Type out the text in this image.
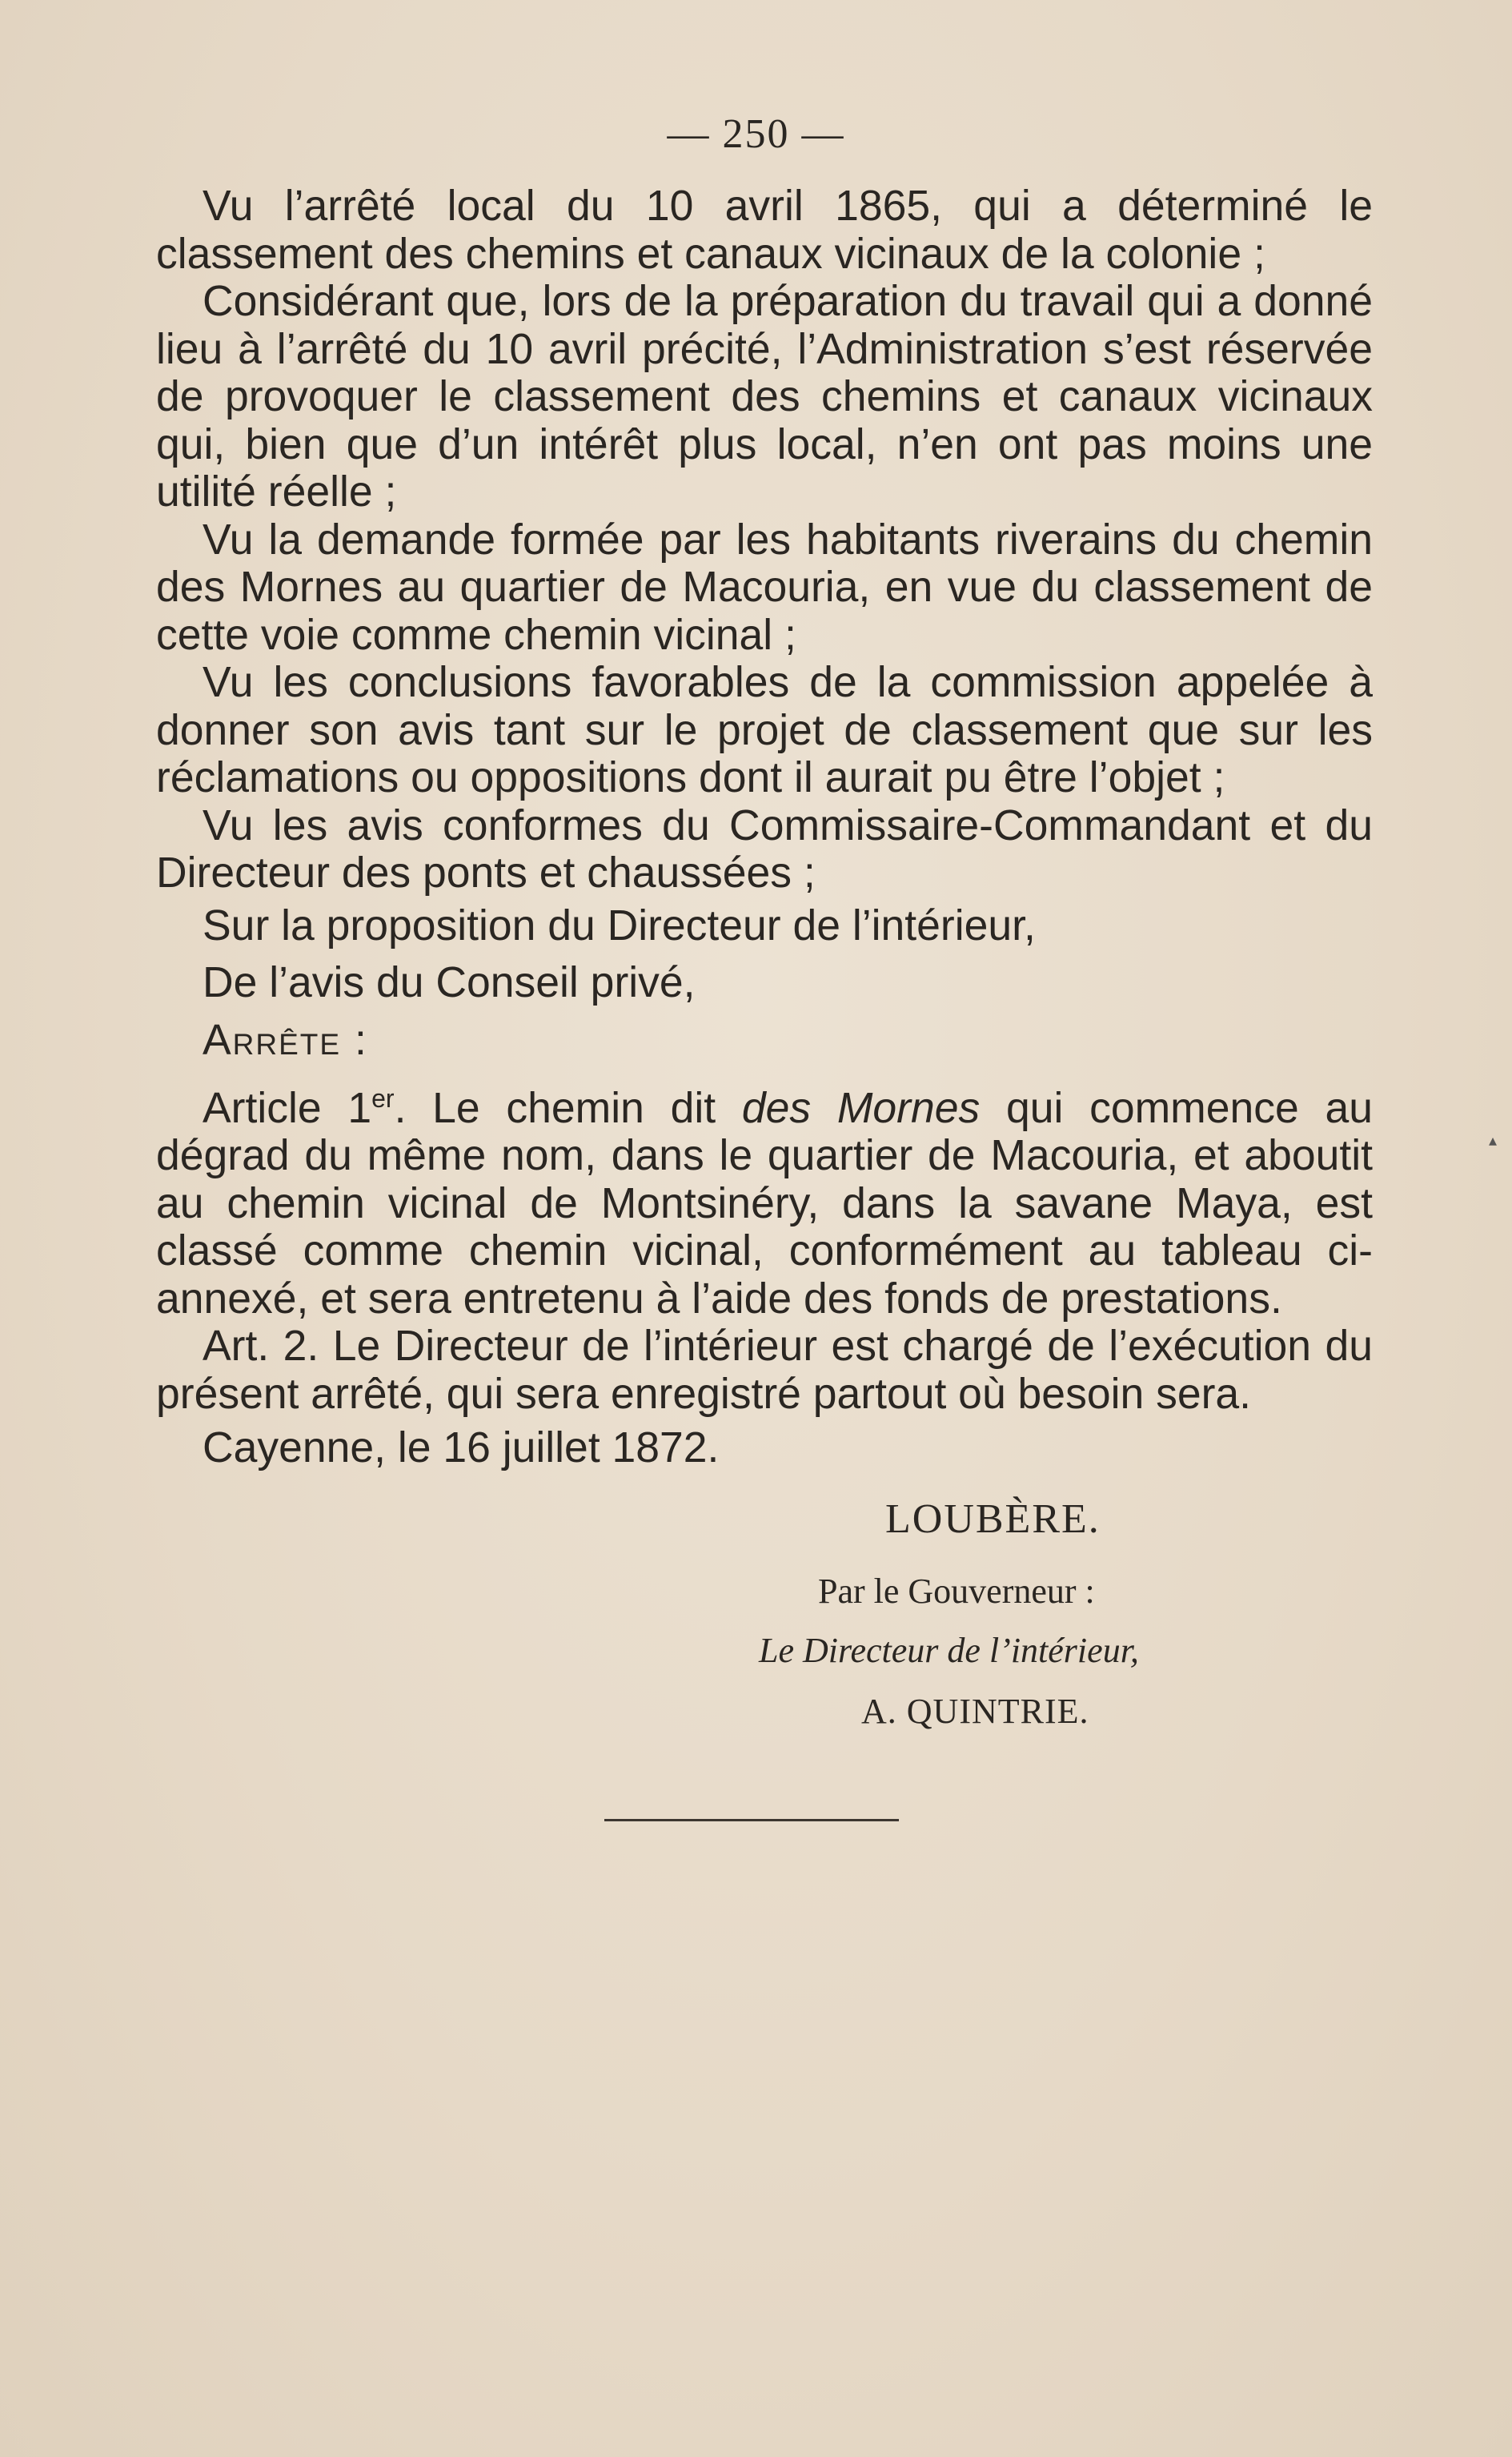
— 250 —

Vu l’arrêté local du 10 avril 1865, qui a déterminé le classement des chemins et canaux vicinaux de la colonie ;

Considérant que, lors de la préparation du travail qui a donné lieu à l’arrêté du 10 avril précité, l’Administration s’est réservée de provoquer le classement des chemins et canaux vicinaux qui, bien que d’un intérêt plus local, n’en ont pas moins une utilité réelle ;

Vu la demande formée par les habitants riverains du chemin des Mornes au quartier de Macouria, en vue du classement de cette voie comme chemin vicinal ;

Vu les conclusions favorables de la commission appelée à donner son avis tant sur le projet de classement que sur les réclamations ou oppositions dont il aurait pu être l’objet ;

Vu les avis conformes du Commissaire-Commandant et du Directeur des ponts et chaussées ;

Sur la proposition du Directeur de l’intérieur,

De l’avis du Conseil privé,

Arrête :

Article 1er. Le chemin dit des Mornes qui commence au dégrad du même nom, dans le quartier de Macouria, et aboutit au chemin vicinal de Montsinéry, dans la savane Maya, est classé comme chemin vicinal, conformément au tableau ci-annexé, et sera entretenu à l’aide des fonds de prestations.

Art. 2. Le Directeur de l’intérieur est chargé de l’exécution du présent arrêté, qui sera enregistré partout où besoin sera.

Cayenne, le 16 juillet 1872.

LOUBÈRE.
Par le Gouverneur :
Le Directeur de l’intérieur,
A. QUINTRIE.
▴
